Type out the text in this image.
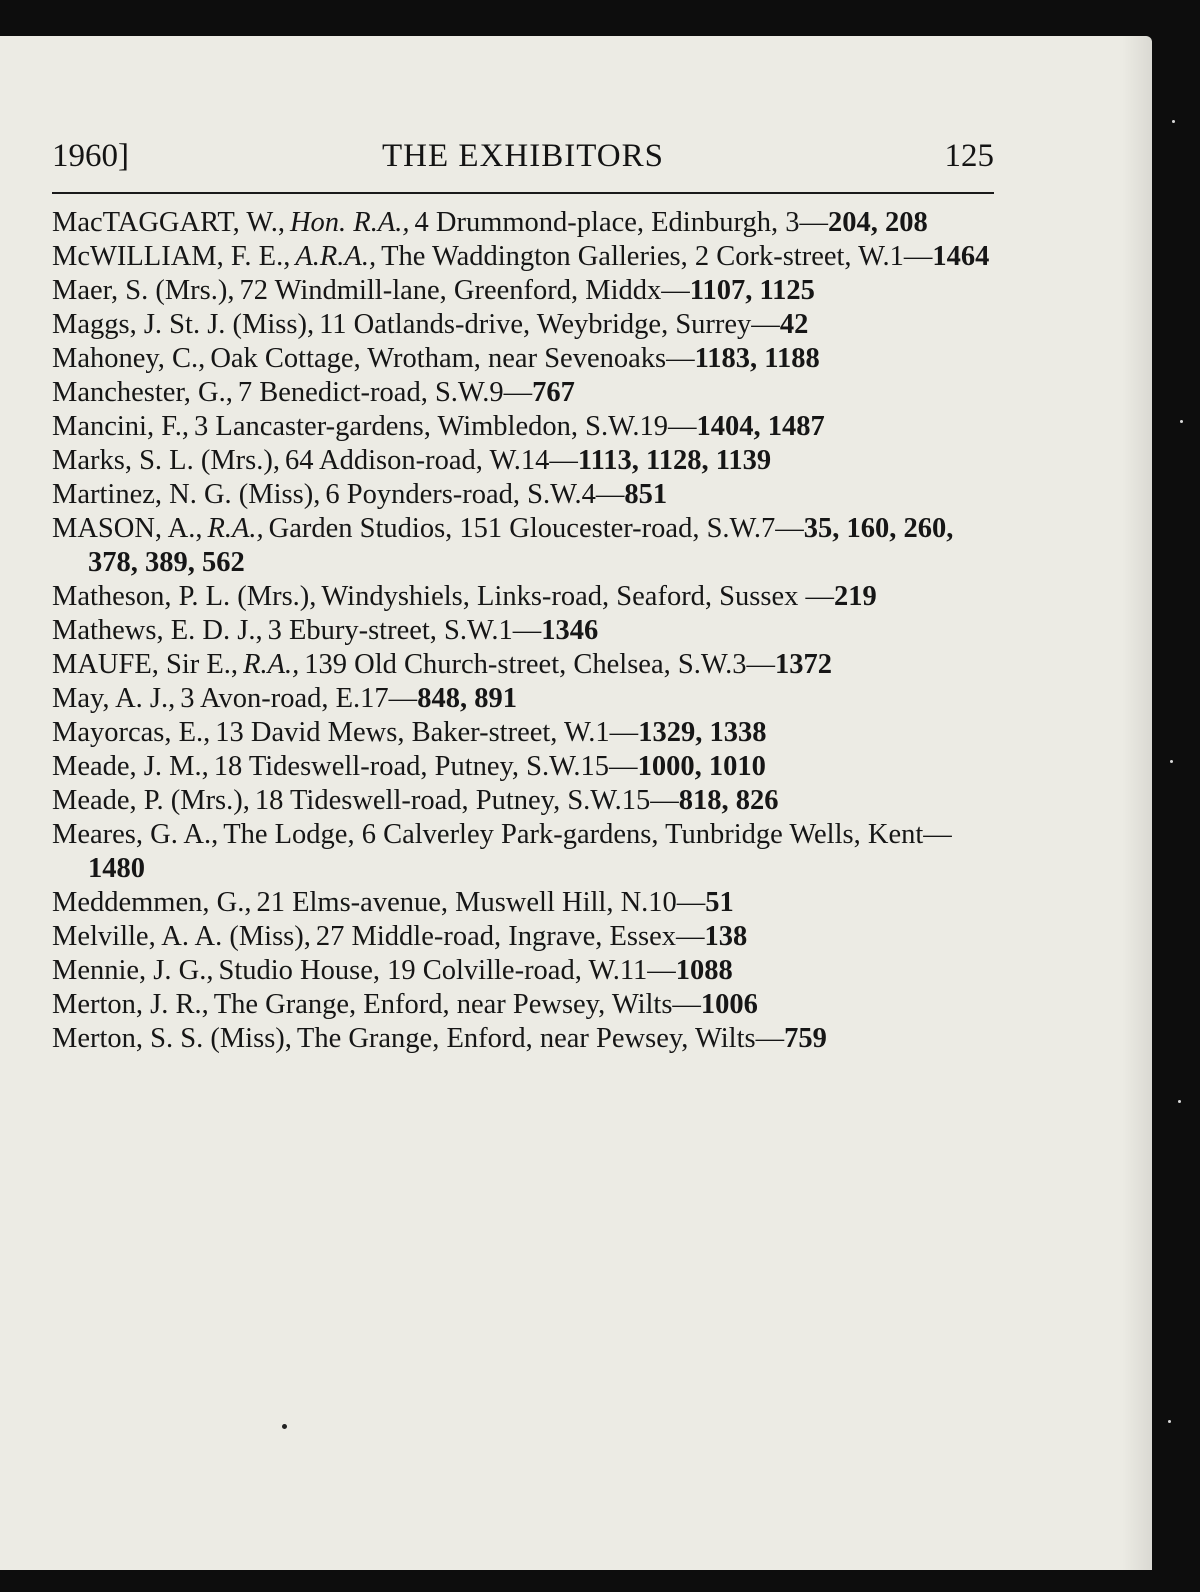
1960]	THE EXHIBITORS	125
MacTAGGART, W., Hon. R.A., 4 Drummond-place, Edinburgh, 3—204, 208
McWILLIAM, F. E., A.R.A., The Waddington Galleries, 2 Cork-street, W.1—1464
Maer, S. (Mrs.), 72 Windmill-lane, Greenford, Middx—1107, 1125
Maggs, J. St. J. (Miss), 11 Oatlands-drive, Weybridge, Surrey—42
Mahoney, C., Oak Cottage, Wrotham, near Sevenoaks—1183, 1188
Manchester, G., 7 Benedict-road, S.W.9—767
Mancini, F., 3 Lancaster-gardens, Wimbledon, S.W.19—1404, 1487
Marks, S. L. (Mrs.), 64 Addison-road, W.14—1113, 1128, 1139
Martinez, N. G. (Miss), 6 Poynders-road, S.W.4—851
MASON, A., R.A., Garden Studios, 151 Gloucester-road, S.W.7—35, 160, 260, 378, 389, 562
Matheson, P. L. (Mrs.), Windyshiels, Links-road, Seaford, Sussex —219
Mathews, E. D. J., 3 Ebury-street, S.W.1—1346
MAUFE, Sir E., R.A., 139 Old Church-street, Chelsea, S.W.3—1372
May, A. J., 3 Avon-road, E.17—848, 891
Mayorcas, E., 13 David Mews, Baker-street, W.1—1329, 1338
Meade, J. M., 18 Tideswell-road, Putney, S.W.15—1000, 1010
Meade, P. (Mrs.), 18 Tideswell-road, Putney, S.W.15—818, 826
Meares, G. A., The Lodge, 6 Calverley Park-gardens, Tunbridge Wells, Kent—1480
Meddemmen, G., 21 Elms-avenue, Muswell Hill, N.10—51
Melville, A. A. (Miss), 27 Middle-road, Ingrave, Essex—138
Mennie, J. G., Studio House, 19 Colville-road, W.11—1088
Merton, J. R., The Grange, Enford, near Pewsey, Wilts—1006
Merton, S. S. (Miss), The Grange, Enford, near Pewsey, Wilts—759
